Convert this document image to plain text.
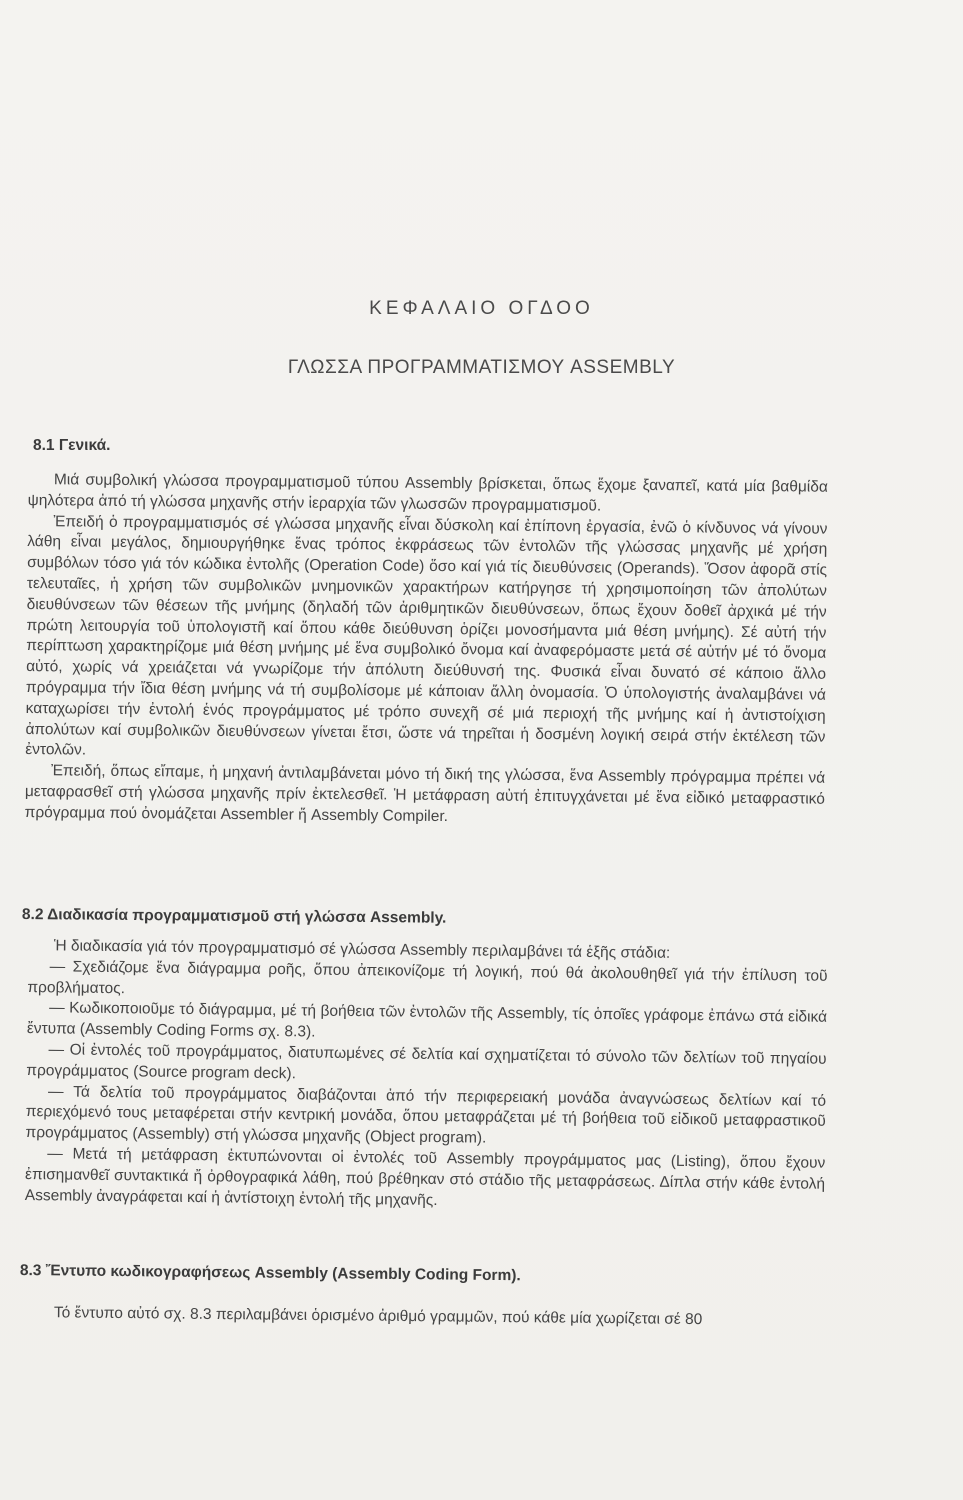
ΚΕΦΑΛΑΙΟ ΟΓΔΟΟ
ΓΛΩΣΣΑ ΠΡΟΓΡΑΜΜΑΤΙΣΜΟΥ ASSEMBLY
8.1 Γενικά.

Μιά συμβολική γλώσσα προγραμματισμοῦ τύπου Assembly βρίσκεται, ὅπως ἔχομε ξαναπεῖ, κατά μία βαθμίδα ψηλότερα ἀπό τή γλώσσα μηχανῆς στήν ἱεραρχία τῶν γλωσσῶν προγραμματισμοῦ.

Ἐπειδή ὁ προγραμματισμός σέ γλώσσα μηχανῆς εἶναι δύσκολη καί ἐπίπονη ἐργασία, ἐνῶ ὁ κίνδυνος νά γίνουν λάθη εἶναι μεγάλος, δημιουργήθηκε ἕνας τρόπος ἐκφράσεως τῶν ἐντολῶν τῆς γλώσσας μηχανῆς μέ χρήση συμβόλων τόσο γιά τόν κώδικα ἐντολῆς (Operation Code) ὅσο καί γιά τίς διευθύνσεις (Operands). Ὅσον ἀφορᾶ στίς τελευταῖες, ἡ χρήση τῶν συμβολικῶν μνημονικῶν χαρακτήρων κατήργησε τή χρησιμοποίηση τῶν ἀπολύτων διευθύνσεων τῶν θέσεων τῆς μνήμης (δηλαδή τῶν ἀριθμητικῶν διευθύνσεων, ὅπως ἔχουν δοθεῖ ἀρχικά μέ τήν πρώτη λειτουργία τοῦ ὑπολογιστῆ καί ὅπου κάθε διεύθυνση ὁρίζει μονοσήμαντα μιά θέση μνήμης). Σέ αὐτή τήν περίπτωση χαρακτηρίζομε μιά θέση μνήμης μέ ἕνα συμβολικό ὄνομα καί ἀναφερόμαστε μετά σέ αὐτήν μέ τό ὄνομα αὐτό, χωρίς νά χρειάζεται νά γνωρίζομε τήν ἀπόλυτη διεύθυνσή της. Φυσικά εἶναι δυνατό σέ κάποιο ἄλλο πρόγραμμα τήν ἴδια θέση μνήμης νά τή συμβολίσομε μέ κάποιαν ἄλλη ὀνομασία. Ὁ ὑπολογιστής ἀναλαμβάνει νά καταχωρίσει τήν ἐντολή ἑνός προγράμματος μέ τρόπο συνεχῆ σέ μιά περιοχή τῆς μνήμης καί ἡ ἀντιστοίχιση ἀπολύτων καί συμβολικῶν διευθύνσεων γίνεται ἔτσι, ὥστε νά τηρεῖται ἡ δοσμένη λογική σειρά στήν ἐκτέλεση τῶν ἐντολῶν.

Ἐπειδή, ὅπως εἴπαμε, ἡ μηχανή ἀντιλαμβάνεται μόνο τή δική της γλώσσα, ἕνα Assembly πρόγραμμα πρέπει νά μεταφρασθεῖ στή γλώσσα μηχανῆς πρίν ἐκτελεσθεῖ. Ἡ μετάφραση αὐτή ἐπιτυγχάνεται μέ ἕνα εἰδικό μεταφραστικό πρόγραμμα πού ὀνομάζεται Assembler ἤ Assembly Compiler.

8.2 Διαδικασία προγραμματισμοῦ στή γλώσσα Assembly.

Ἡ διαδικασία γιά τόν προγραμματισμό σέ γλώσσα Assembly περιλαμβάνει τά ἑξῆς στάδια:

— Σχεδιάζομε ἕνα διάγραμμα ροῆς, ὅπου ἀπεικονίζομε τή λογική, πού θά ἀκολουθηθεῖ γιά τήν ἐπίλυση τοῦ προβλήματος.

— Κωδικοποιοῦμε τό διάγραμμα, μέ τή βοήθεια τῶν ἐντολῶν τῆς Assembly, τίς ὁποῖες γράφομε ἐπάνω στά εἰδικά ἔντυπα (Assembly Coding Forms σχ. 8.3).

— Οἱ ἐντολές τοῦ προγράμματος, διατυπωμένες σέ δελτία καί σχηματίζεται τό σύνολο τῶν δελτίων τοῦ πηγαίου προγράμματος (Source program deck).

— Τά δελτία τοῦ προγράμματος διαβάζονται ἀπό τήν περιφερειακή μονάδα ἀναγνώσεως δελτίων καί τό περιεχόμενό τους μεταφέρεται στήν κεντρική μονάδα, ὅπου μεταφράζεται μέ τή βοήθεια τοῦ εἰδικοῦ μεταφραστικοῦ προγράμματος (Assembly) στή γλώσσα μηχανῆς (Object program).

— Μετά τή μετάφραση ἐκτυπώνονται οἱ ἐντολές τοῦ Assembly προγράμματος μας (Listing), ὅπου ἔχουν ἐπισημανθεῖ συντακτικά ἤ ὀρθογραφικά λάθη, πού βρέθηκαν στό στάδιο τῆς μεταφράσεως. Δίπλα στήν κάθε ἐντολή Assembly ἀναγράφεται καί ἡ ἀντίστοιχη ἐντολή τῆς μηχανῆς.

8.3 Ἔντυπο κωδικογραφήσεως Assembly (Assembly Coding Form).

Τό ἔντυπο αὐτό σχ. 8.3 περιλαμβάνει ὁρισμένο ἀριθμό γραμμῶν, πού κάθε μία χωρίζεται σέ 80
